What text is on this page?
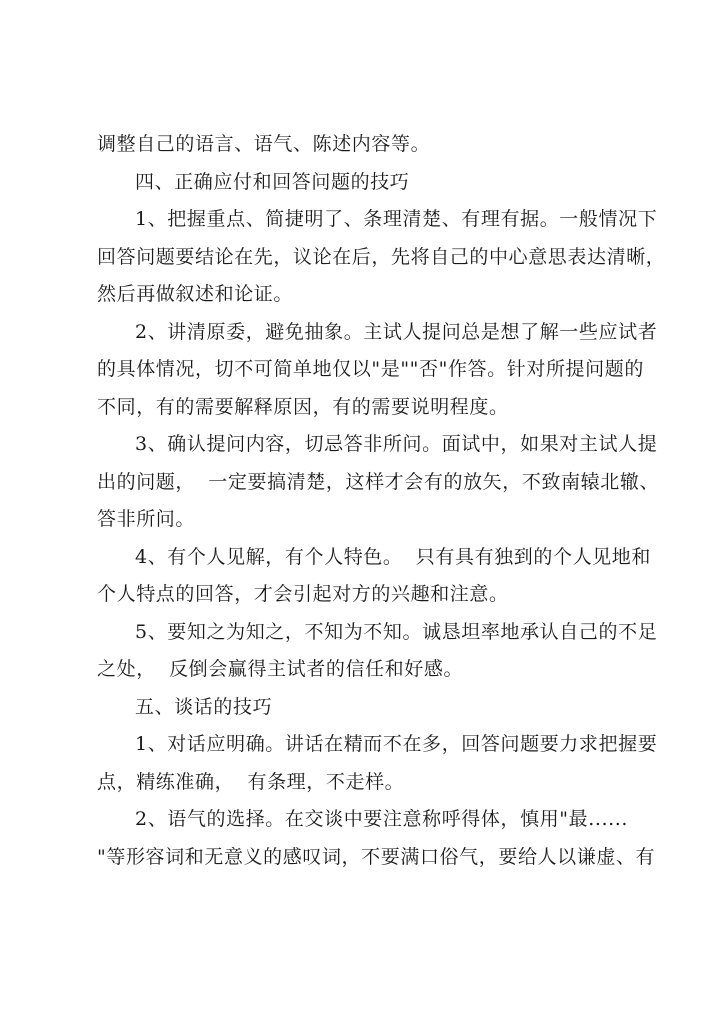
调整自己的语言、语气、陈述内容等。
四、正确应付和回答问题的技巧
1、把握重点、简捷明了、条理清楚、有理有据。一般情况下
回答问题要结论在先，议论在后，先将自己的中心意思表达清晰，
然后再做叙述和论证。
2、讲清原委，避免抽象。主试人提问总是想了解一些应试者
的具体情况，切不可简单地仅以"是""否"作答。针对所提问题的
不同，有的需要解释原因，有的需要说明程度。
3、确认提问内容，切忌答非所问。面试中，如果对主试人提
出的问题，  一定要搞清楚，这样才会有的放矢，不致南辕北辙、
答非所问。
4、有个人见解，有个人特色。  只有具有独到的个人见地和
个人特点的回答，才会引起对方的兴趣和注意。
5、要知之为知之，不知为不知。诚恳坦率地承认自己的不足
之处，  反倒会赢得主试者的信任和好感。
五、谈话的技巧
1、对话应明确。讲话在精而不在多，回答问题要力求把握要
点，精练准确，  有条理，不走样。
2、语气的选择。在交谈中要注意称呼得体，慎用"最......
"等形容词和无意义的感叹词，不要满口俗气，要给人以谦虚、有
